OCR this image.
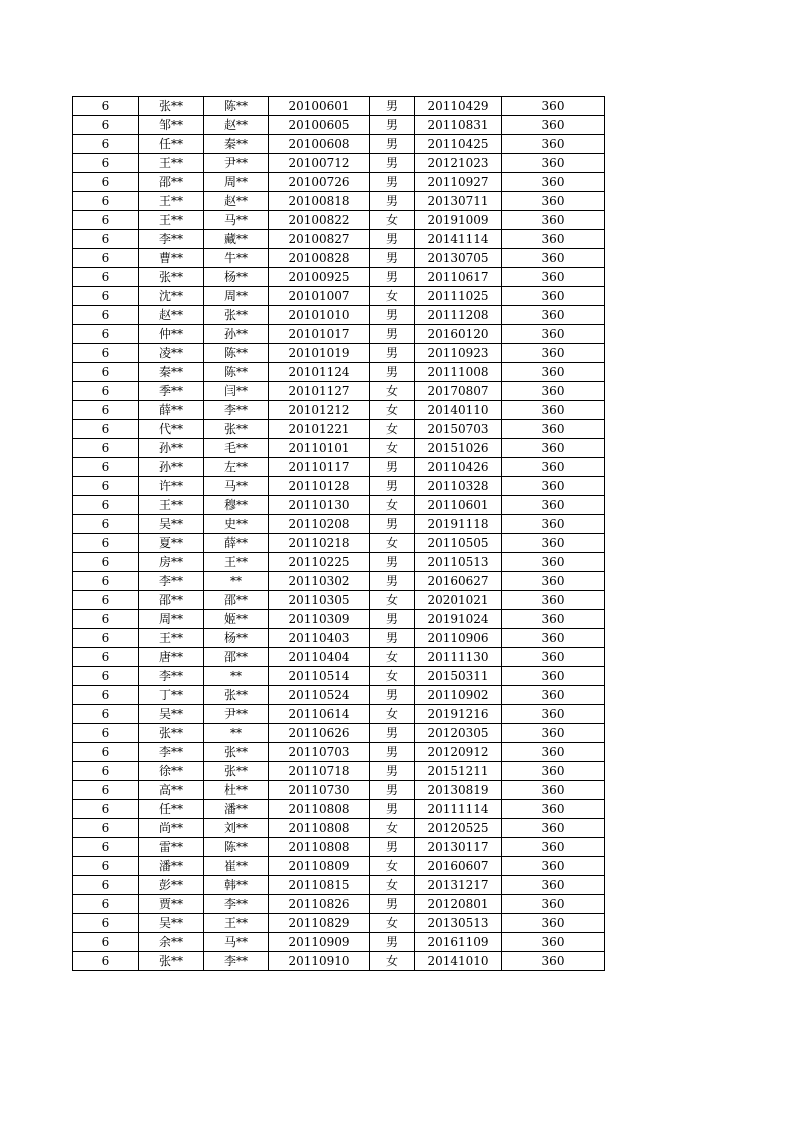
6	张**	陈**	20100601	男	20110429	360
6	邹**	赵**	20100605	男	20110831	360
6	任**	秦**	20100608	男	20110425	360
6	王**	尹**	20100712	男	20121023	360
6	邵**	周**	20100726	男	20110927	360
6	王**	赵**	20100818	男	20130711	360
6	王**	马**	20100822	女	20191009	360
6	李**	藏**	20100827	男	20141114	360
6	曹**	牛**	20100828	男	20130705	360
6	张**	杨**	20100925	男	20110617	360
6	沈**	周**	20101007	女	20111025	360
6	赵**	张**	20101010	男	20111208	360
6	仲**	孙**	20101017	男	20160120	360
6	凌**	陈**	20101019	男	20110923	360
6	秦**	陈**	20101124	男	20111008	360
6	季**	闫**	20101127	女	20170807	360
6	薛**	李**	20101212	女	20140110	360
6	代**	张**	20101221	女	20150703	360
6	孙**	毛**	20110101	女	20151026	360
6	孙**	左**	20110117	男	20110426	360
6	许**	马**	20110128	男	20110328	360
6	王**	穆**	20110130	女	20110601	360
6	吴**	史**	20110208	男	20191118	360
6	夏**	薛**	20110218	女	20110505	360
6	房**	王**	20110225	男	20110513	360
6	李**	**	20110302	男	20160627	360
6	邵**	邵**	20110305	女	20201021	360
6	周**	姬**	20110309	男	20191024	360
6	王**	杨**	20110403	男	20110906	360
6	唐**	邵**	20110404	女	20111130	360
6	李**	**	20110514	女	20150311	360
6	丁**	张**	20110524	男	20110902	360
6	吴**	尹**	20110614	女	20191216	360
6	张**	**	20110626	男	20120305	360
6	李**	张**	20110703	男	20120912	360
6	徐**	张**	20110718	男	20151211	360
6	高**	杜**	20110730	男	20130819	360
6	任**	潘**	20110808	男	20111114	360
6	尚**	刘**	20110808	女	20120525	360
6	雷**	陈**	20110808	男	20130117	360
6	潘**	崔**	20110809	女	20160607	360
6	彭**	韩**	20110815	女	20131217	360
6	贾**	李**	20110826	男	20120801	360
6	吴**	王**	20110829	女	20130513	360
6	余**	马**	20110909	男	20161109	360
6	张**	李**	20110910	女	20141010	360
